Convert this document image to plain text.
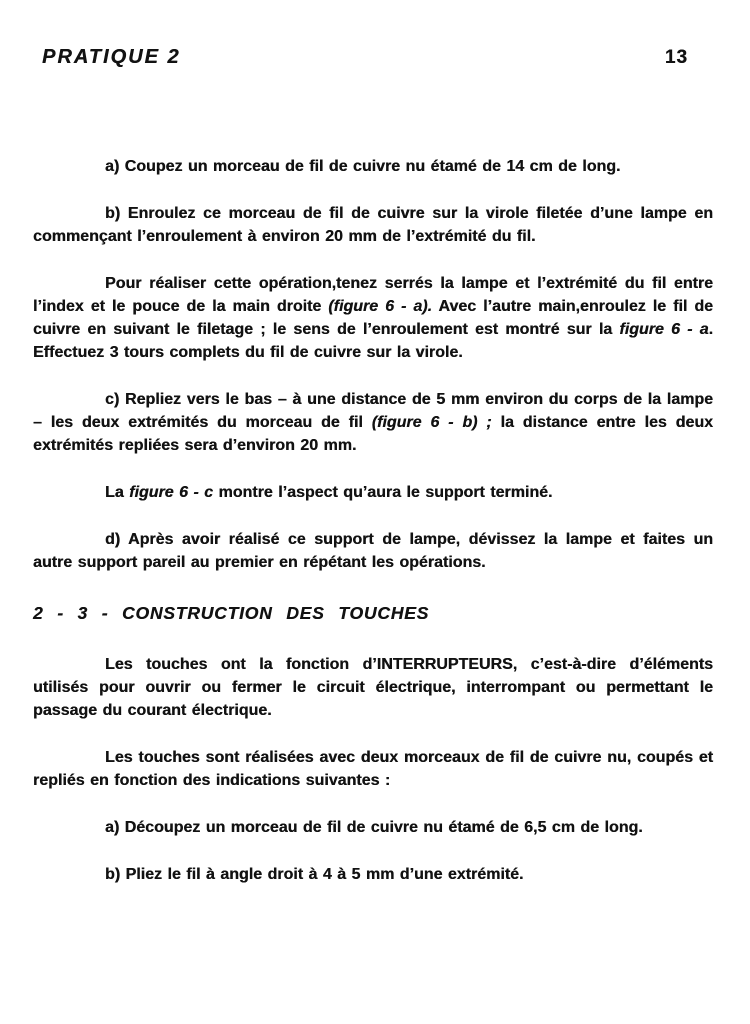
PRATIQUE 2	13

a) Coupez un morceau de fil de cuivre nu étamé de 14 cm de long.

b) Enroulez ce morceau de fil de cuivre sur la virole filetée d’une lampe en commençant l’enroulement à environ 20 mm de l’extrémité du fil.

Pour réaliser cette opération,tenez serrés la lampe et l’extrémité du fil entre l’index et le pouce de la main droite (figure 6 - a). Avec l’autre main,enroulez le fil de cuivre en suivant le filetage ; le sens de l’enroulement est montré sur la figure 6 - a. Effectuez 3 tours complets du fil de cuivre sur la virole.

c) Repliez vers le bas – à une distance de 5 mm environ du corps de la lampe – les deux extrémités du morceau de fil (figure 6 - b) ; la distance entre les deux extrémités repliées sera d’environ 20 mm.

La figure 6 - c montre l’aspect qu’aura le support terminé.

d) Après avoir réalisé ce support de lampe, dévissez la lampe et faites un autre support pareil au premier en répétant les opérations.

2 - 3 - CONSTRUCTION DES TOUCHES

Les touches ont la fonction d’INTERRUPTEURS, c’est-à-dire d’éléments utilisés pour ouvrir ou fermer le circuit électrique, interrompant ou permettant le passage du courant électrique.

Les touches sont réalisées avec deux morceaux de fil de cuivre nu, coupés et repliés en fonction des indications suivantes :

a) Découpez un morceau de fil de cuivre nu étamé de 6,5 cm de long.

b) Pliez le fil à angle droit à 4 à 5 mm d’une extrémité.
